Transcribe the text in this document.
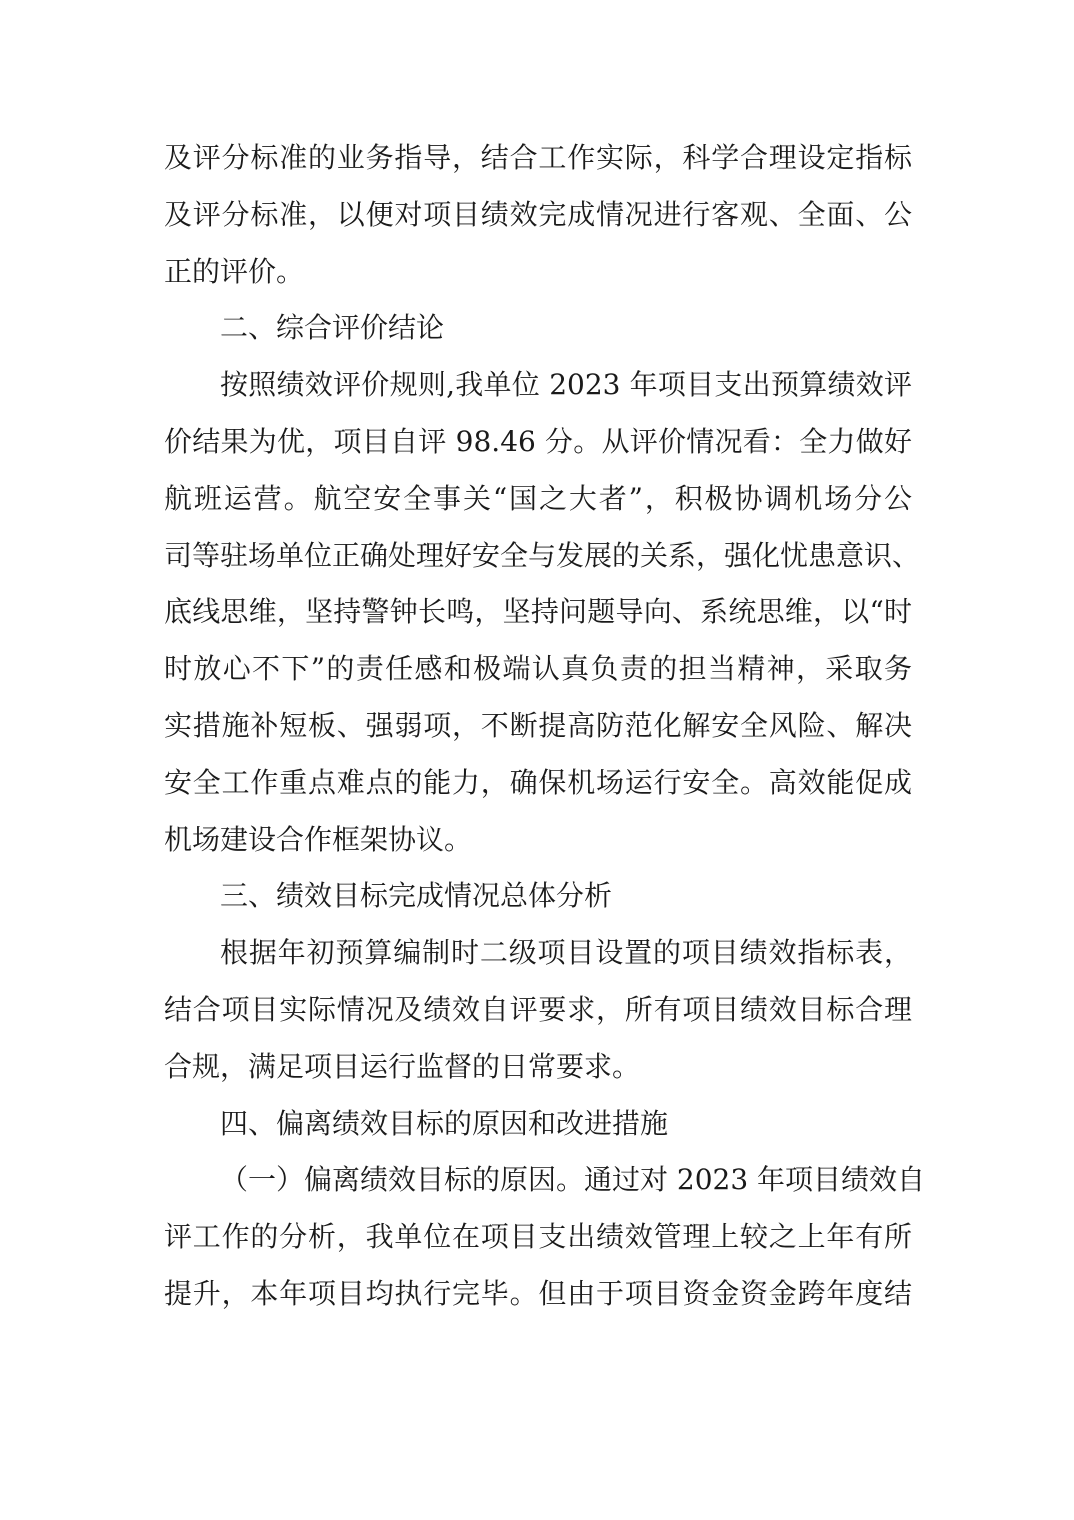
及评分标准的业务指导，结合工作实际，科学合理设定指标
及评分标准，以便对项目绩效完成情况进行客观、全面、公
正的评价。
二、综合评价结论
按照绩效评价规则,我单位 2023 年项目支出预算绩效评
价结果为优，项目自评 98.46 分。从评价情况看：全力做好
航班运营。航空安全事关“国之大者”，积极协调机场分公
司等驻场单位正确处理好安全与发展的关系，强化忧患意识、
底线思维，坚持警钟长鸣，坚持问题导向、系统思维，以“时
时放心不下”的责任感和极端认真负责的担当精神，采取务
实措施补短板、强弱项，不断提高防范化解安全风险、解决
安全工作重点难点的能力，确保机场运行安全。高效能促成
机场建设合作框架协议。
三、绩效目标完成情况总体分析
根据年初预算编制时二级项目设置的项目绩效指标表，
结合项目实际情况及绩效自评要求，所有项目绩效目标合理
合规，满足项目运行监督的日常要求。
四、偏离绩效目标的原因和改进措施
（一）偏离绩效目标的原因。通过对 2023 年项目绩效自
评工作的分析，我单位在项目支出绩效管理上较之上年有所
提升，本年项目均执行完毕。但由于项目资金资金跨年度结
